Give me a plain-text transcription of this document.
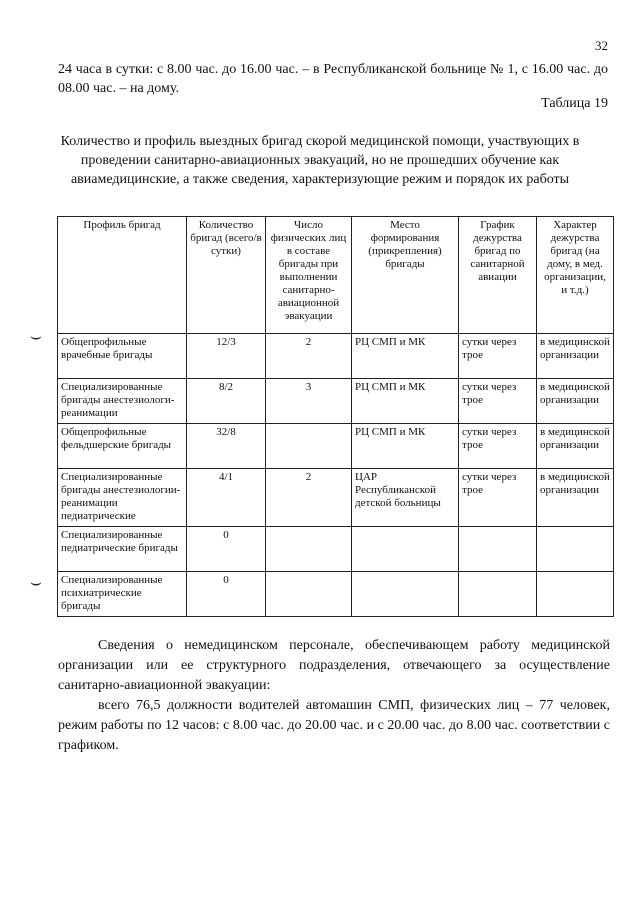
32
24 часа в сутки: с 8.00 час. до 16.00 час. – в Республиканской больнице № 1, с 16.00 час. до 08.00 час. – на дому.
Таблица 19
Количество и профиль выездных бригад скорой медицинской помощи, участвующих в проведении санитарно-авиационных эвакуаций, но не прошедших обучение как авиамедицинские, а также сведения, характеризующие режим и порядок их работы
⌣
⌣
Профиль бригад	Количество бригад (всего/в сутки)	Число физических лиц в составе бригады при выполнении санитарно-авиационной эвакуации	Место формирования (прикрепления) бригады	График дежурства бригад по санитарной авиации	Характер дежурства бригад (на дому, в мед. организации, и т.д.)
Общепрофильные врачебные бригады	12/3	2	РЦ СМП и МК	сутки через трое	в медицинской организации
Специализированные бригады анестезиологи-реанимации	8/2	3	РЦ СМП и МК	сутки через трое	в медицинской организации
Общепрофильные фельдшерские бригады	32/8		РЦ СМП и МК	сутки через трое	в медицинской организации
Специализированные бригады анестезиологии-реанимации педиатрические	4/1	2	ЦАР Республиканской детской больницы	сутки через трое	в медицинской организации
Специализированные педиатрические бригады	0				
Специализированные психиатрические бригады	0				

Сведения о немедицинском персонале, обеспечивающем работу медицинской организации или ее структурного подразделения, отвечающего за осуществление санитарно-авиационной эвакуации:

всего 76,5 должности водителей автомашин СМП, физических лиц – 77 человек, режим работы по 12 часов: с 8.00 час. до 20.00 час. и с 20.00 час. до 8.00 час. соответствии с графиком.
